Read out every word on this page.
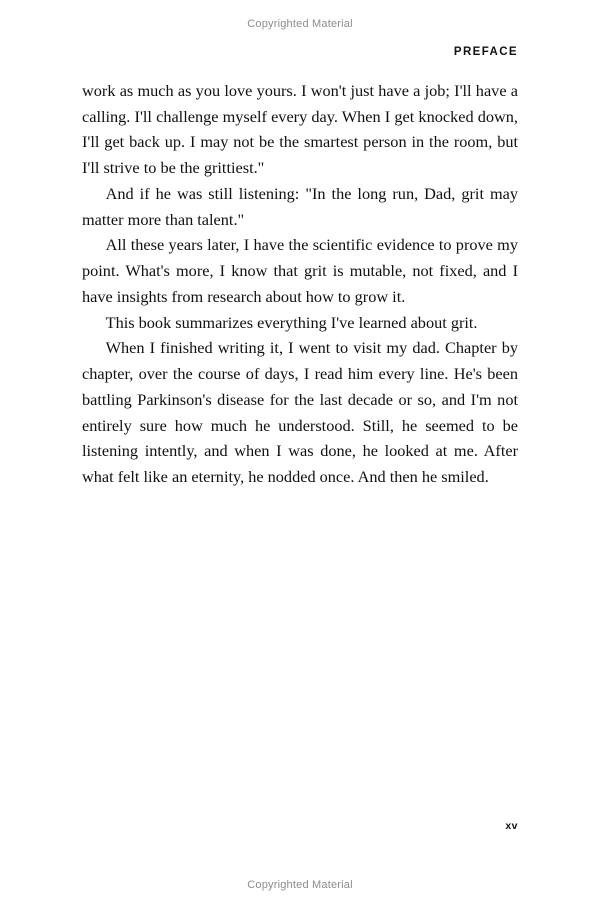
Copyrighted Material
PREFACE

work as much as you love yours. I won't just have a job; I'll have a calling. I'll challenge myself every day. When I get knocked down, I'll get back up. I may not be the smartest person in the room, but I'll strive to be the grittiest."

And if he was still listening: "In the long run, Dad, grit may matter more than talent."

All these years later, I have the scientific evidence to prove my point. What's more, I know that grit is mutable, not fixed, and I have insights from research about how to grow it.

This book summarizes everything I've learned about grit.

When I finished writing it, I went to visit my dad. Chapter by chapter, over the course of days, I read him every line. He's been battling Parkinson's disease for the last decade or so, and I'm not entirely sure how much he understood. Still, he seemed to be listening intently, and when I was done, he looked at me. After what felt like an eternity, he nodded once. And then he smiled.

xv
Copyrighted Material
